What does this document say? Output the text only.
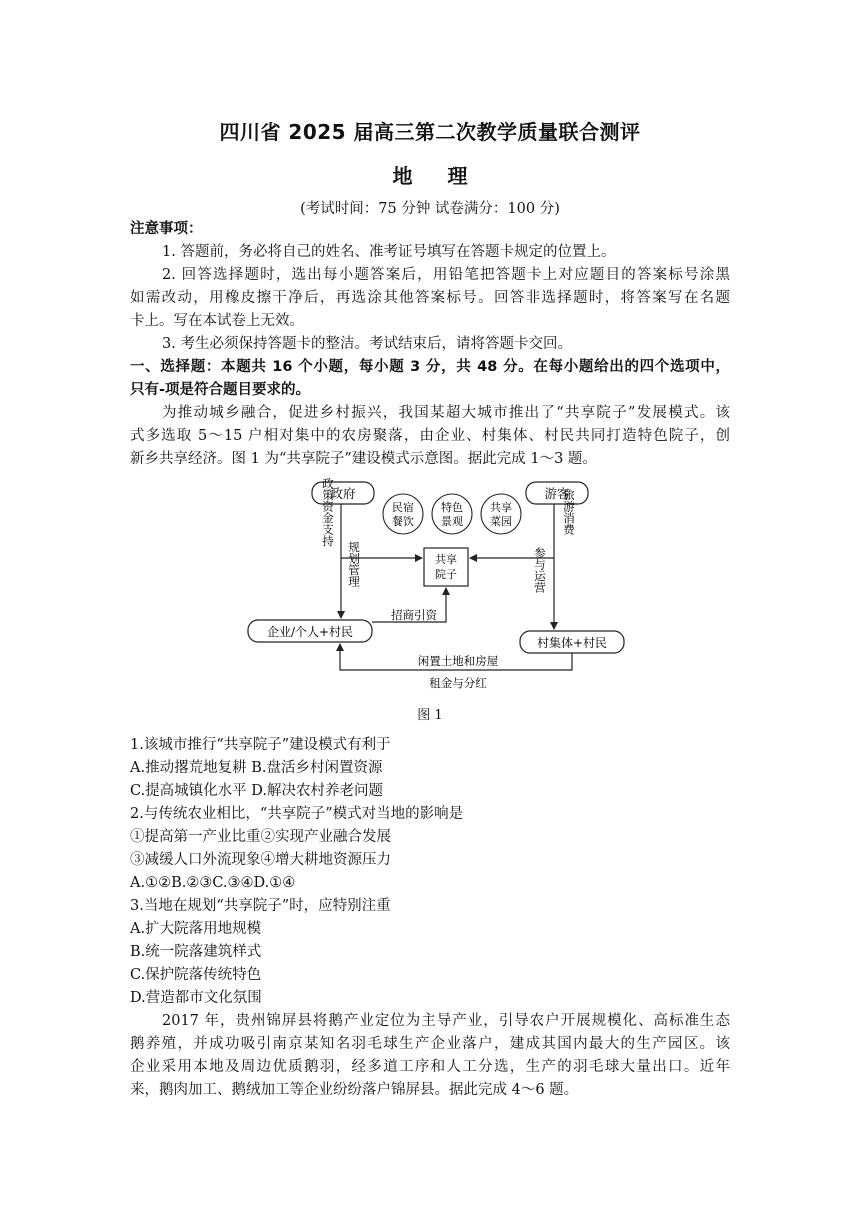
四川省 2025 届高三第二次教学质量联合测评
地 理
(考试时间：75 分钟 试卷满分：100 分)
注意事项：
1. 答题前，务必将自己的姓名、准考证号填写在答题卡规定的位置上。
2. 回答选择题时，选出每小题答案后，用铅笔把答题卡上对应题目的答案标号涂黑
如需改动，用橡皮擦干净后，再选涂其他答案标号。回答非选择题时，将答案写在名题
卡上。写在本试卷上无效。
3. 考生必须保持答题卡的整洁。考试结束后，请将答题卡交回。
一、选择题：本题共 16 个小题，每小题 3 分，共 48 分。在每小题给出的四个选项中，
只有-项是符合题目要求的。
为推动城乡融合，促进乡村振兴，我国某超大城市推出了“共享院子”发展模式。该
式多选取 5～15 户相对集中的农房聚落，由企业、村集体、村民共同打造特色院子，创
新乡共享经济。图 1 为“共享院子”建设模式示意图。据此完成 1～3 题。
政府	游客
民宿
餐饮
特色
景观
共享
菜园
共享
院子
政策资金支持
规划管理
旅游消费
参与运营
招商引资
企业/个人+村民
村集体+村民
闲置土地和房屋
租金与分红
图 1
1.该城市推行“共享院子”建设模式有利于
A.推动撂荒地复耕 B.盘活乡村闲置资源
C.提高城镇化水平 D.解决农村养老问题
2.与传统农业相比，“共享院子”模式对当地的影响是
①提高第一产业比重②实现产业融合发展
③减缓人口外流现象④增大耕地资源压力
A.①②B.②③C.③④D.①④
3.当地在规划“共享院子”时，应特别注重
A.扩大院落用地规模
B.统一院落建筑样式
C.保护院落传统特色
D.营造都市文化氛围
2017 年，贵州锦屏县将鹅产业定位为主导产业，引导农户开展规模化、高标准生态
鹅养殖，并成功吸引南京某知名羽毛球生产企业落户，建成其国内最大的生产园区。该
企业采用本地及周边优质鹅羽，经多道工序和人工分选，生产的羽毛球大量出口。近年
来，鹅肉加工、鹅绒加工等企业纷纷落户锦屏县。据此完成 4～6 题。
